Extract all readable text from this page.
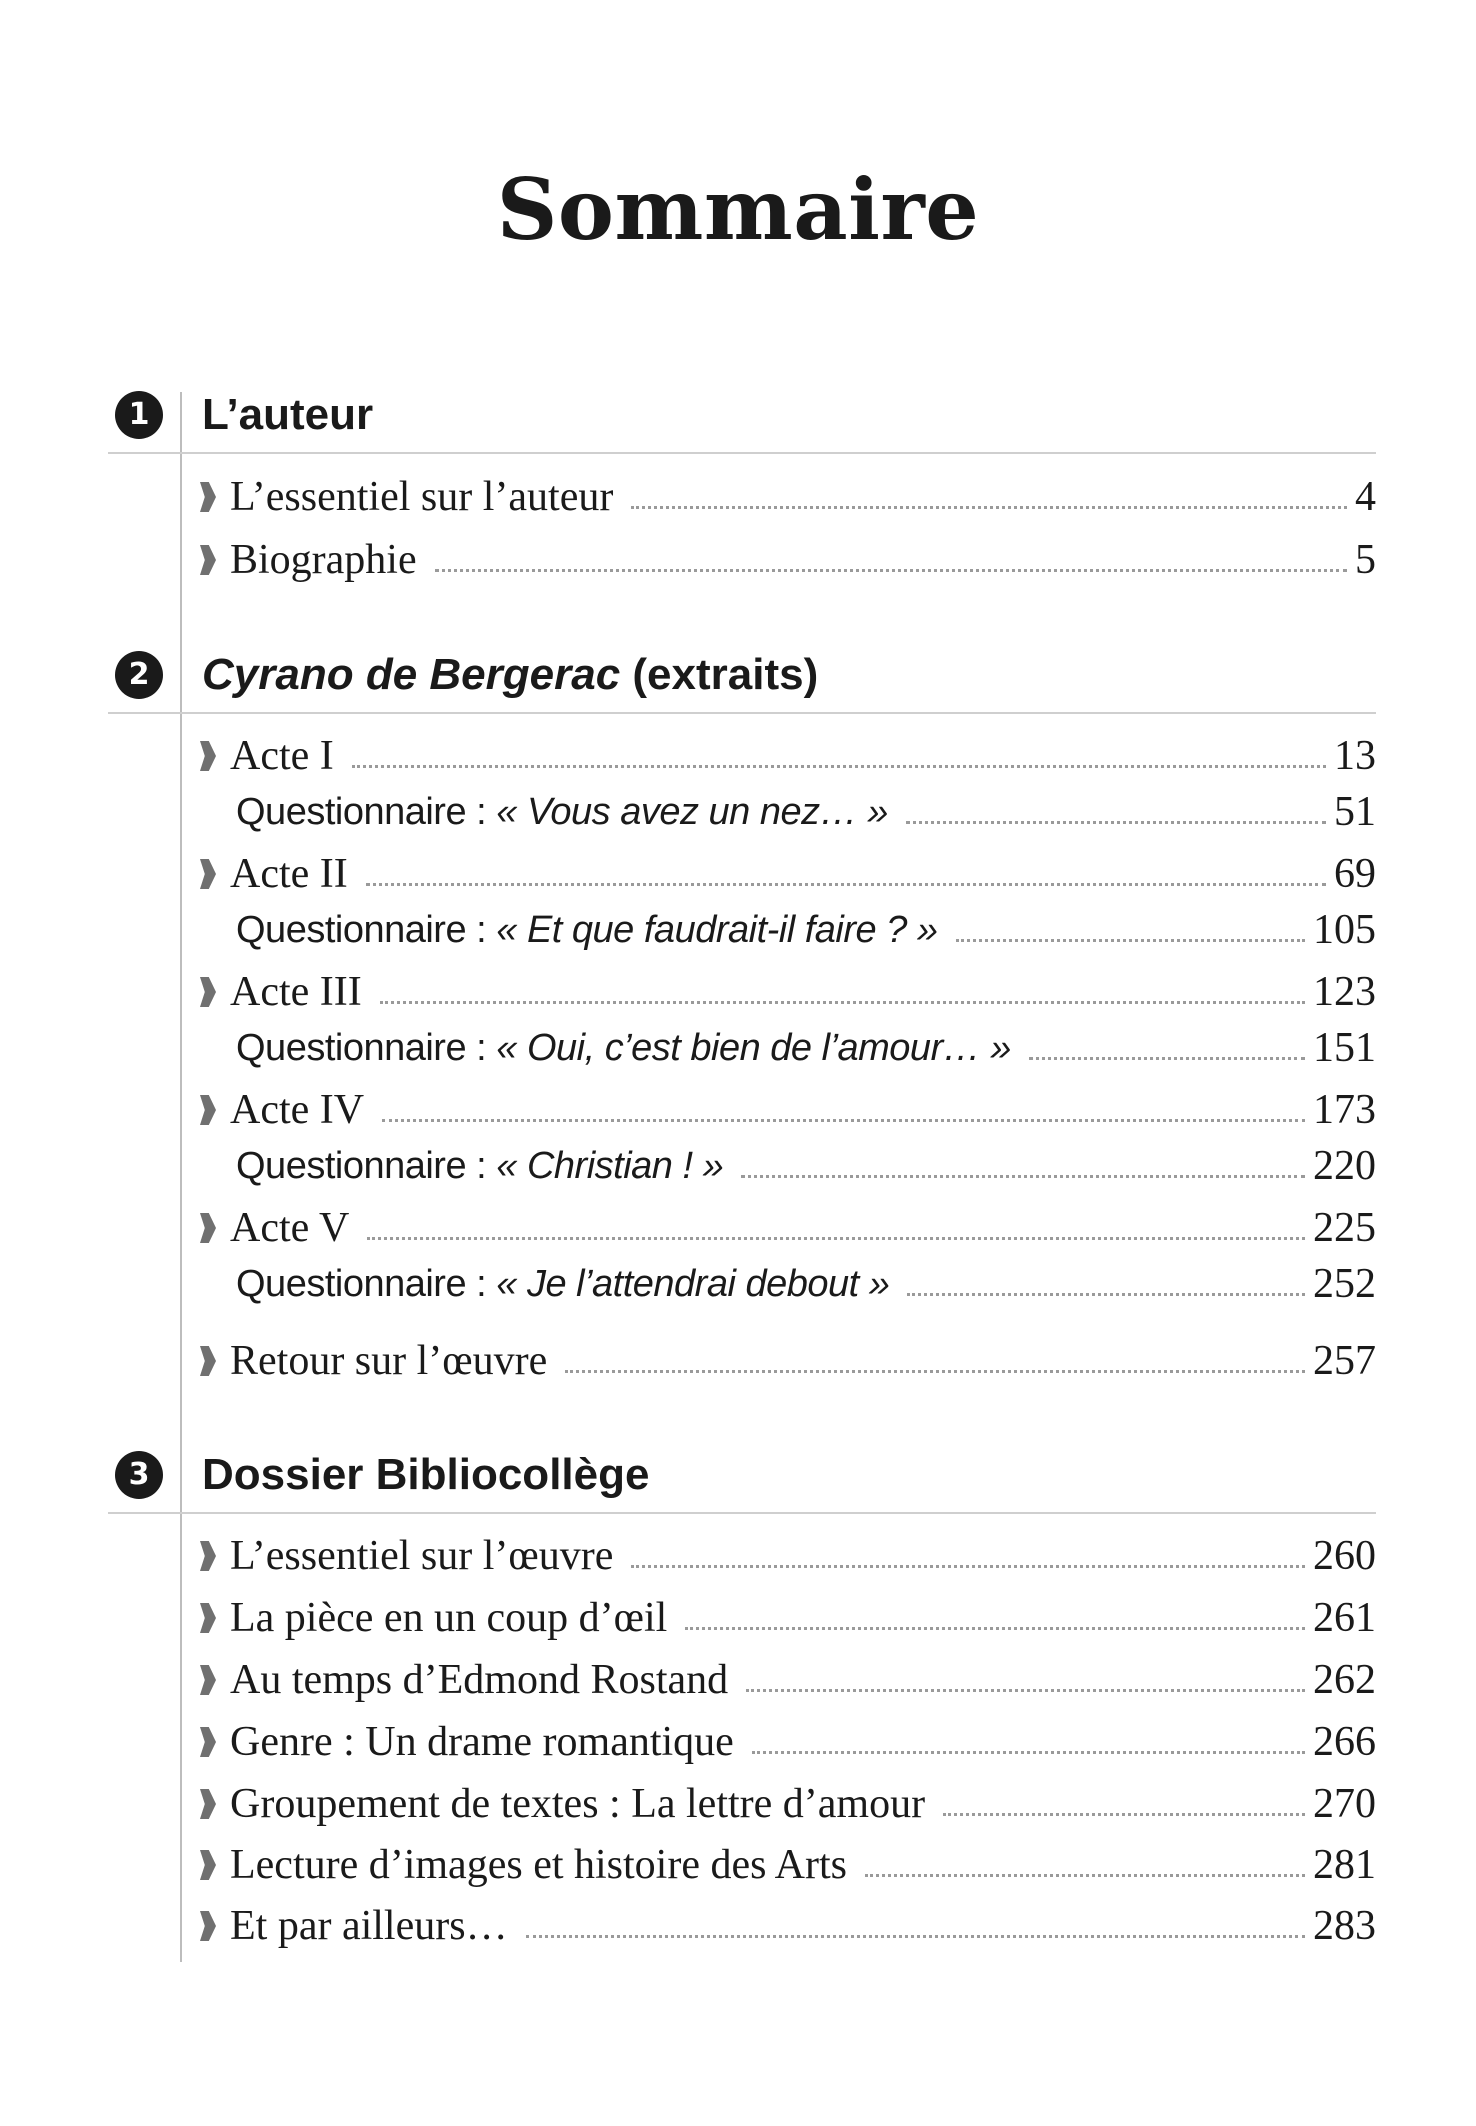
Sommaire
1	L’auteur
L’essentiel sur l’auteur	4
Biographie	5
2	Cyrano de Bergerac (extraits)
Acte I	13
Questionnaire : « Vous avez un nez… »	51
Acte II	69
Questionnaire : « Et que faudrait-il faire ? »	105
Acte III	123
Questionnaire : « Oui, c’est bien de l’amour… »	151
Acte IV	173
Questionnaire : « Christian ! »	220
Acte V	225
Questionnaire : « Je l’attendrai debout »	252
Retour sur l’œuvre	257
3	Dossier Bibliocollège
L’essentiel sur l’œuvre	260
La pièce en un coup d’œil	261
Au temps d’Edmond Rostand	262
Genre : Un drame romantique	266
Groupement de textes : La lettre d’amour	270
Lecture d’images et histoire des Arts	281
Et par ailleurs…	283
